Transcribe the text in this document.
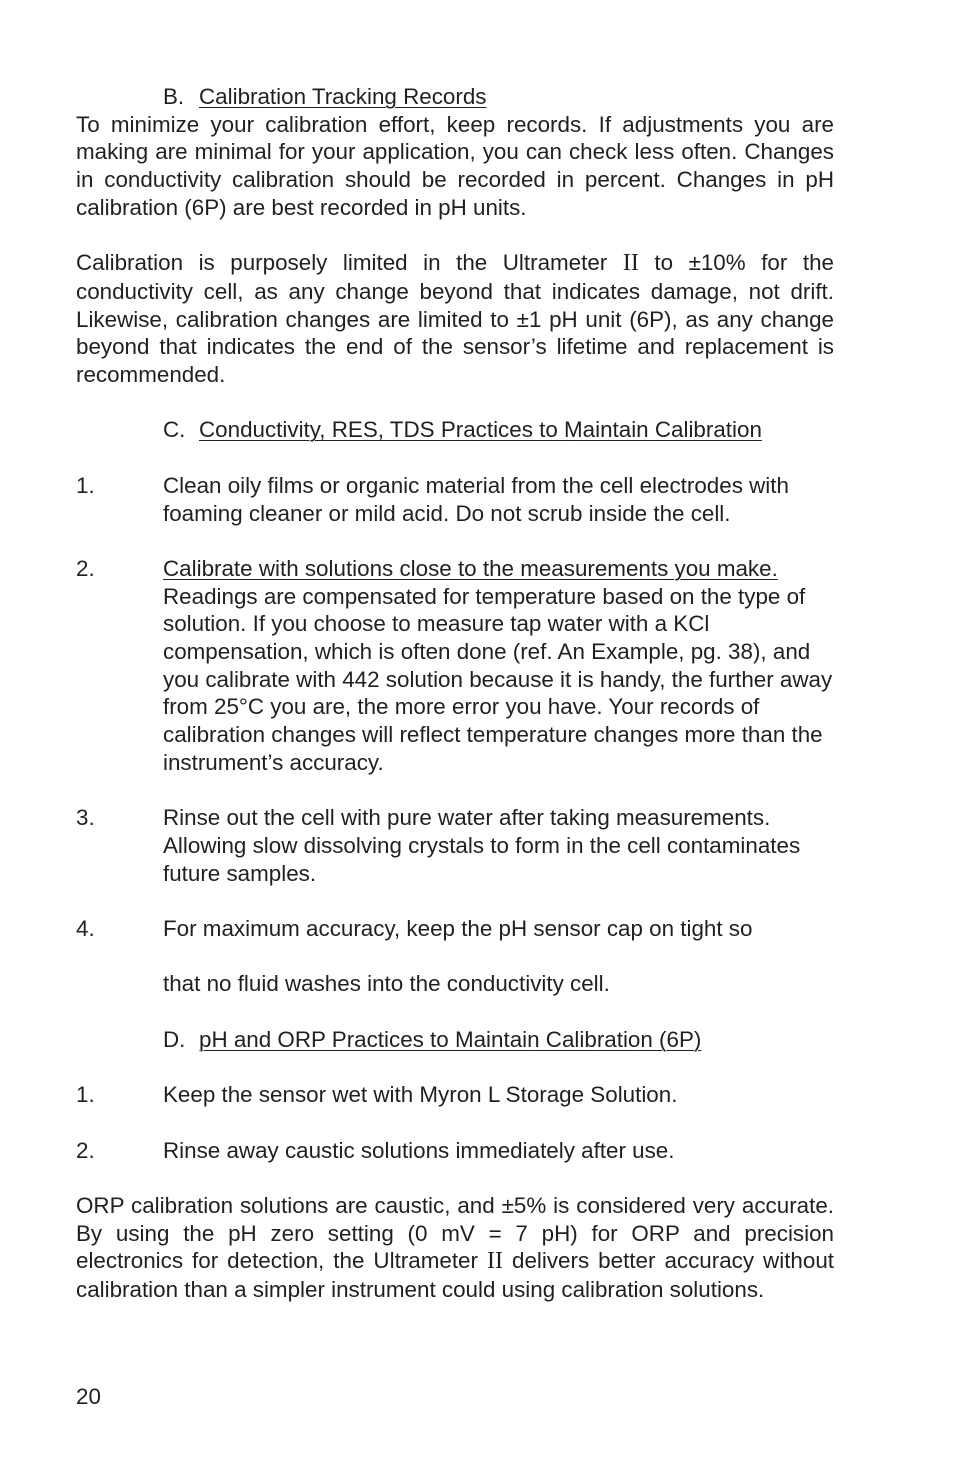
B. Calibration Tracking Records

To minimize your calibration effort, keep records. If adjustments you are making are minimal for your application, you can check less often. Changes in conductivity calibration should be recorded in percent. Changes in pH calibration (6P) are best recorded in pH units.

Calibration is purposely limited in the Ultrameter II to ±10% for the conductivity cell, as any change beyond that indicates damage, not drift. Likewise, calibration changes are limited to ±1 pH unit (6P), as any change beyond that indicates the end of the sensor’s lifetime and replacement is recommended.

C. Conductivity, RES, TDS Practices to Maintain Calibration

1.	Clean oily films or organic material from the cell electrodes with foaming cleaner or mild acid. Do not scrub inside the cell.
2.	Calibrate with solutions close to the measurements you make.
Readings are compensated for temperature based on the type of solution. If you choose to measure tap water with a KCl compensation, which is often done (ref. An Example, pg. 38), and you calibrate with 442 solution because it is handy, the further away from 25°C you are, the more error you have. Your records of calibration changes will reflect temperature changes more than the instrument’s accuracy.
3.	Rinse out the cell with pure water after taking measurements. Allowing slow dissolving crystals to form in the cell contaminates future samples.
4.	For maximum accuracy, keep the pH sensor cap on tight so
that no fluid washes into the conductivity cell.

D. pH and ORP Practices to Maintain Calibration (6P)

1.	Keep the sensor wet with Myron L Storage Solution.
2.	Rinse away caustic solutions immediately after use.

ORP calibration solutions are caustic, and ±5% is considered very accurate. By using the pH zero setting (0 mV = 7 pH) for ORP and precision electronics for detection, the Ultrameter II delivers better accuracy without calibration than a simpler instrument could using calibration solutions.

20
